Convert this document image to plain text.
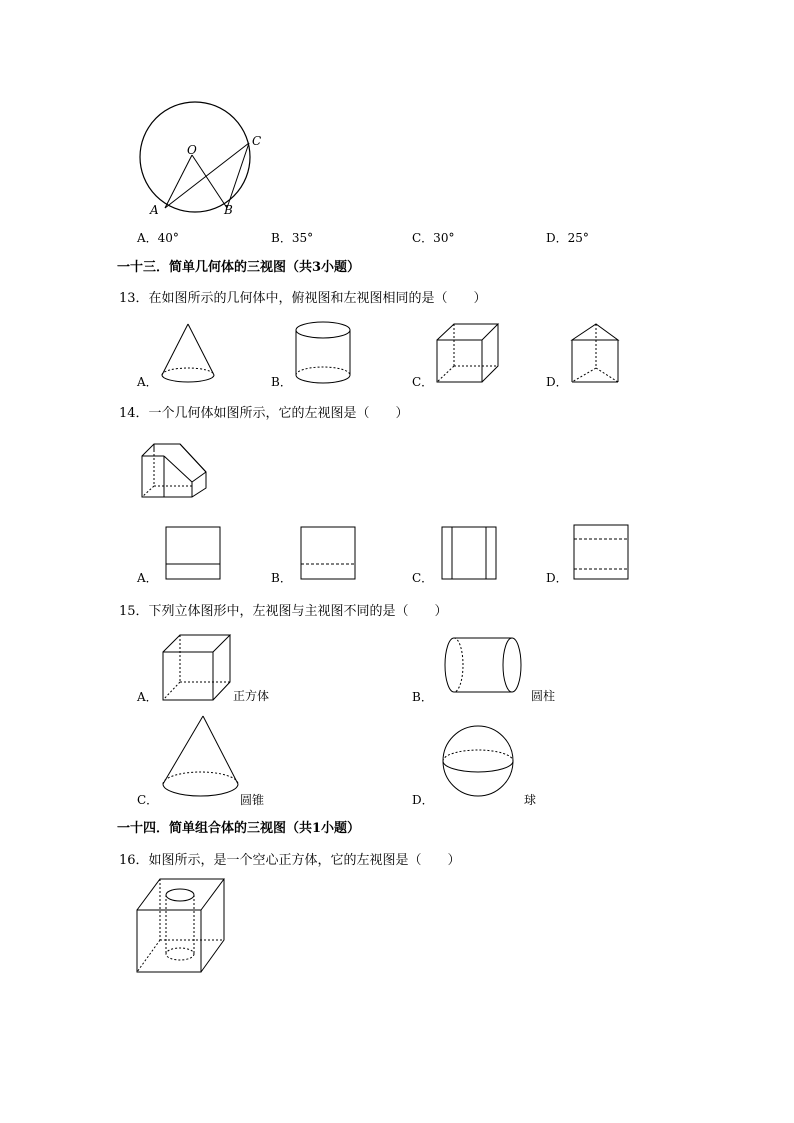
O
C
A	B
A．40°	B．35°	C．30°	D．25°
一十三．简单几何体的三视图（共3小题）
13．在如图所示的几何体中，俯视图和左视图相同的是（　　）
A．	B．	C．	D．
14．一个几何体如图所示，它的左视图是（　　）
A．	B．	C．	D．
15．下列立体图形中，左视图与主视图不同的是（　　）
A．	正方体	B．	圆柱
C．	圆锥	D．	球
一十四．简单组合体的三视图（共1小题）
16．如图所示，是一个空心正方体，它的左视图是（　　）
